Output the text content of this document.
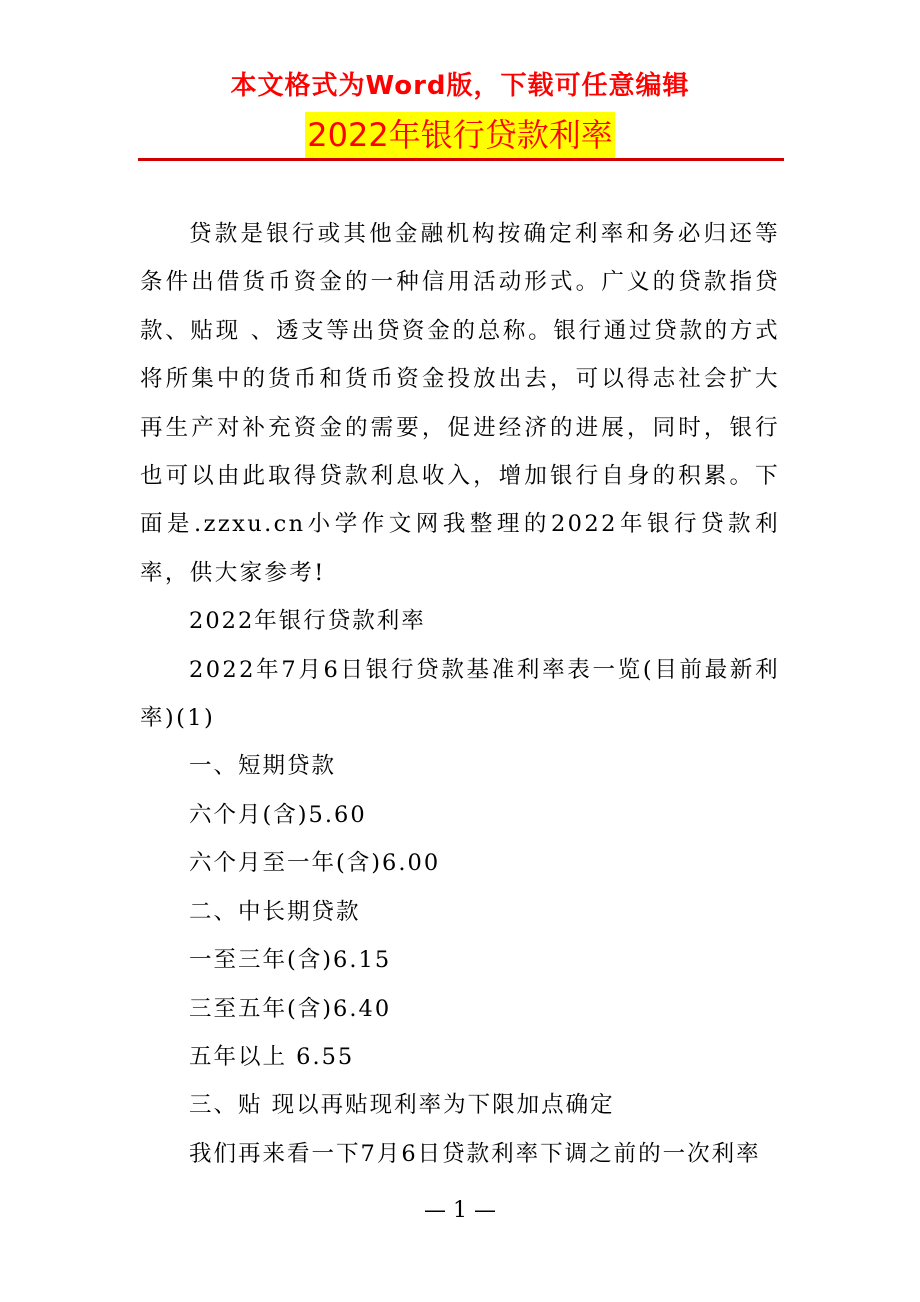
本文格式为Word版，下载可任意编辑
2022年银行贷款利率

贷款是银行或其他金融机构按确定利率和务必归还等条件出借货币资金的一种信用活动形式。广义的贷款指贷款、贴现 、透支等出贷资金的总称。银行通过贷款的方式将所集中的货币和货币资金投放出去，可以得志社会扩大再生产对补充资金的需要，促进经济的进展，同时，银行也可以由此取得贷款利息收入，增加银行自身的积累。下面是.zzxu.cn小学作文网我整理的2022年银行贷款利率，供大家参考!

2022年银行贷款利率

2022年7月6日银行贷款基准利率表一览(目前最新利率)(1)

一、短期贷款

六个月(含)5.60

六个月至一年(含)6.00

二、中长期贷款

一至三年(含)6.15

三至五年(含)6.40

五年以上 6.55

三、贴 现以再贴现利率为下限加点确定

我们再来看一下7月6日贷款利率下调之前的一次利率

— 1 —
